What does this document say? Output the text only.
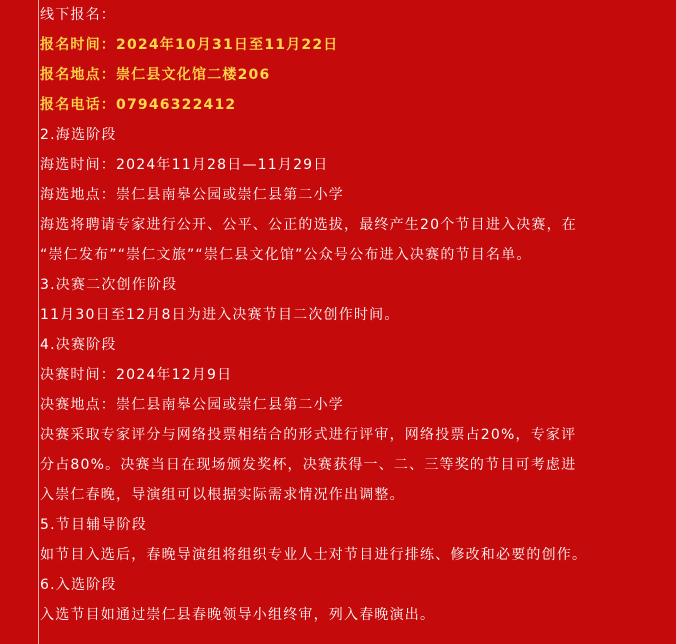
线下报名：
报名时间：2024年10月31日至11月22日
报名地点：崇仁县文化馆二楼206
报名电话：07946322412
2.海选阶段
海选时间：2024年11月28日—11月29日
海选地点：崇仁县南皋公园或崇仁县第二小学
海选将聘请专家进行公开、公平、公正的选拔，最终产生20个节目进入决赛，在
“崇仁发布”“崇仁文旅”“崇仁县文化馆”公众号公布进入决赛的节目名单。
3.决赛二次创作阶段
11月30日至12月8日为进入决赛节目二次创作时间。
4.决赛阶段
决赛时间：2024年12月9日
决赛地点：崇仁县南皋公园或崇仁县第二小学
决赛采取专家评分与网络投票相结合的形式进行评审，网络投票占20%，专家评
分占80%。决赛当日在现场颁发奖杯，决赛获得一、二、三等奖的节目可考虑进
入崇仁春晚，导演组可以根据实际需求情况作出调整。
5.节目辅导阶段
如节目入选后，春晚导演组将组织专业人士对节目进行排练、修改和必要的创作。
6.入选阶段
入选节目如通过崇仁县春晚领导小组终审，列入春晚演出。
